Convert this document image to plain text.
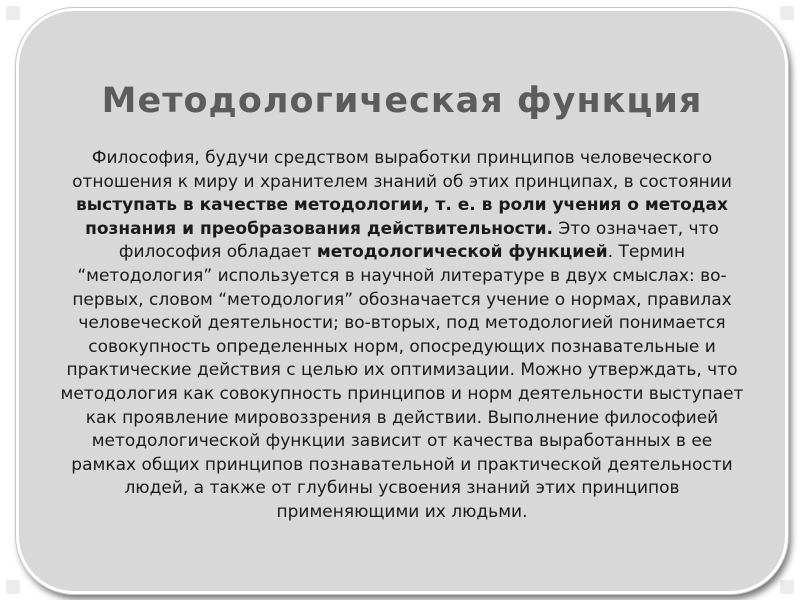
Методологическая функция

Философия, будучи средством выработки принципов человеческого отношения к миру и хранителем знаний об этих принципах, в состоянии выступать в качестве методологии, т. е. в роли учения о методах познания и преобразования действительности. Это означает, что философия обладает методологической функцией. Термин “методология” используется в научной литературе в двух смыслах: во-первых, словом “методология” обозначается учение о нормах, правилах человеческой деятельности; во-вторых, под методологией понимается совокупность определенных норм, опосредующих познавательные и практические действия с целью их оптимизации. Можно утверждать, что методология как совокупность принципов и норм деятельности выступает как проявление мировоззрения в действии. Выполнение философией методологической функции зависит от качества выработанных в ее рамках общих принципов познавательной и практической деятельности людей, а также от глубины усвоения знаний этих принципов применяющими их людьми.
